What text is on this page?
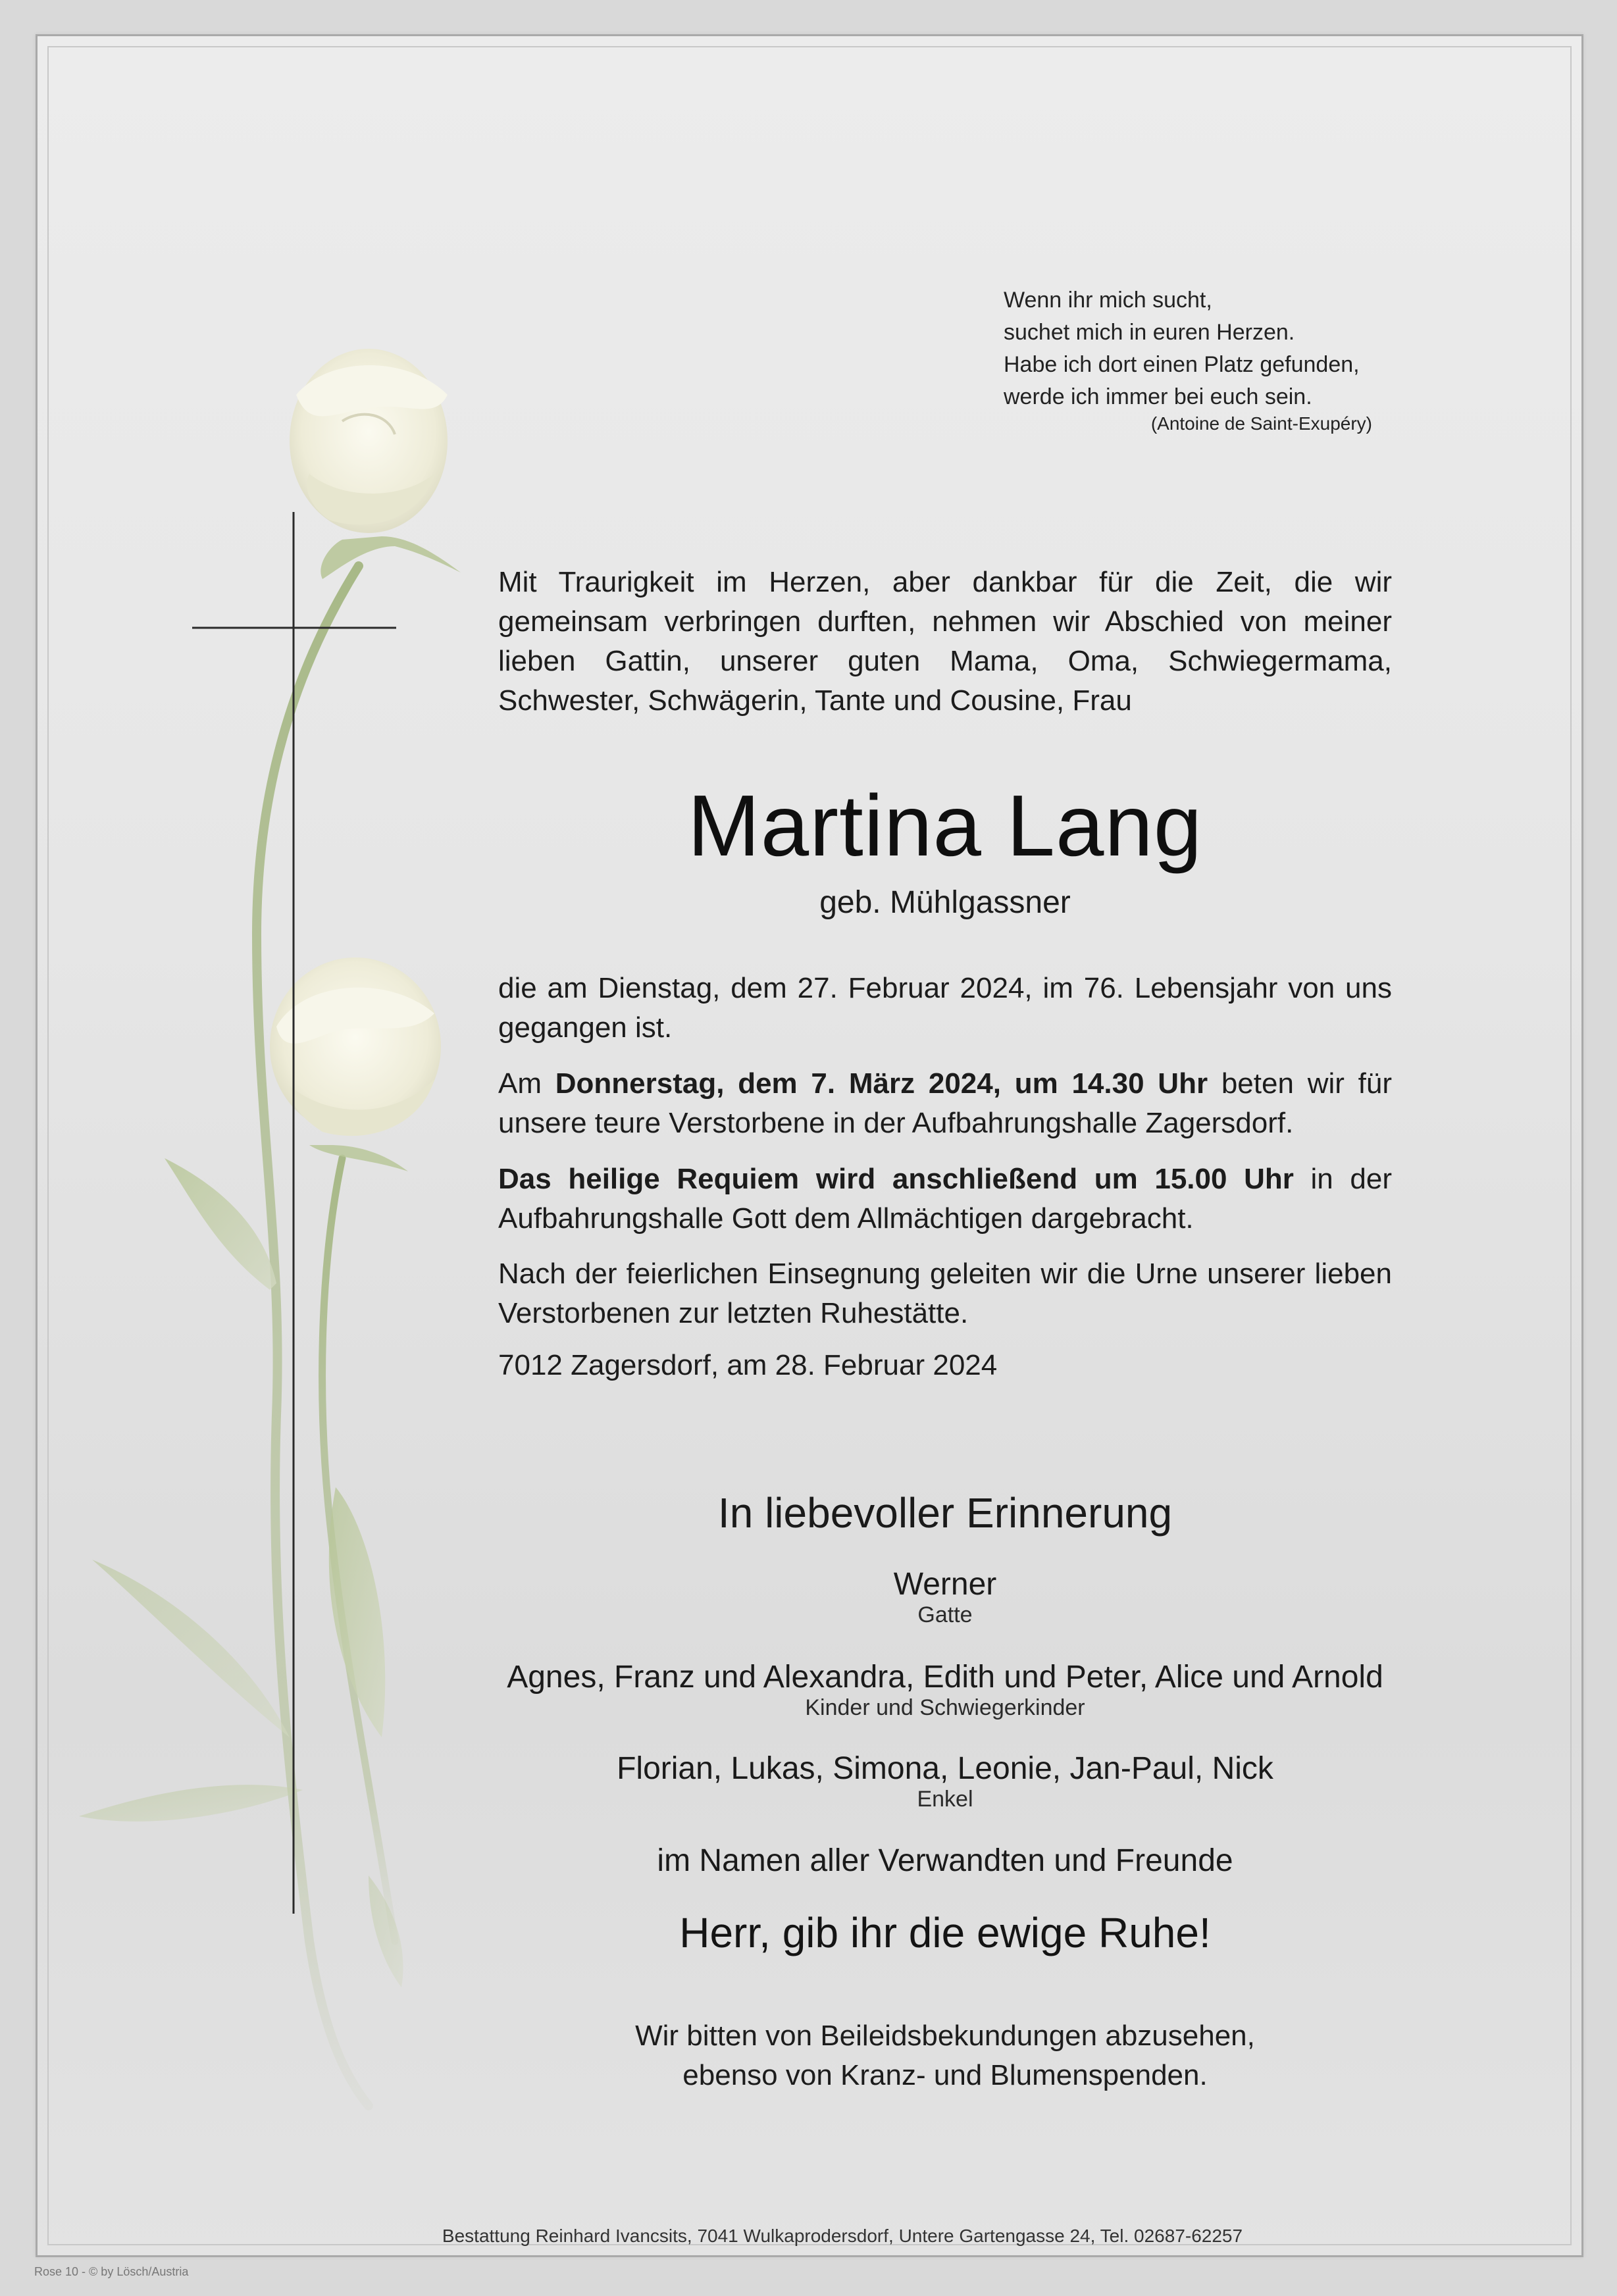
Wenn ihr mich sucht,
suchet mich in euren Herzen.
Habe ich dort einen Platz gefunden,
werde ich immer bei euch sein.
(Antoine de Saint-Exupéry)
Mit Traurigkeit im Herzen, aber dankbar für die Zeit, die wir gemeinsam verbringen durften, nehmen wir Abschied von meiner lieben Gattin, unserer guten Mama, Oma, Schwiegermama, Schwester, Schwägerin, Tante und Cousine, Frau
Martina Lang
geb. Mühlgassner
die am Dienstag, dem 27. Februar 2024, im 76. Lebensjahr von uns gegangen ist.
Am Donnerstag, dem 7. März 2024, um 14.30 Uhr beten wir für unsere teure Verstorbene in der Aufbahrungshalle Zagersdorf.
Das heilige Requiem wird anschließend um 15.00 Uhr in der Aufbahrungshalle Gott dem Allmächtigen dargebracht.
Nach der feierlichen Einsegnung geleiten wir die Urne unserer lieben Verstorbenen zur letzten Ruhestätte.
7012 Zagersdorf, am 28. Februar 2024
In liebevoller Erinnerung
Werner
Gatte
Agnes, Franz und Alexandra, Edith und Peter, Alice und Arnold
Kinder und Schwiegerkinder
Florian, Lukas, Simona, Leonie, Jan-Paul, Nick
Enkel
im Namen aller Verwandten und Freunde
Herr, gib ihr die ewige Ruhe!
Wir bitten von Beileidsbekundungen abzusehen,
ebenso von Kranz- und Blumenspenden.
Bestattung Reinhard Ivancsits, 7041 Wulkaprodersdorf, Untere Gartengasse 24, Tel. 02687-62257
Rose 10 - © by Lösch/Austria
